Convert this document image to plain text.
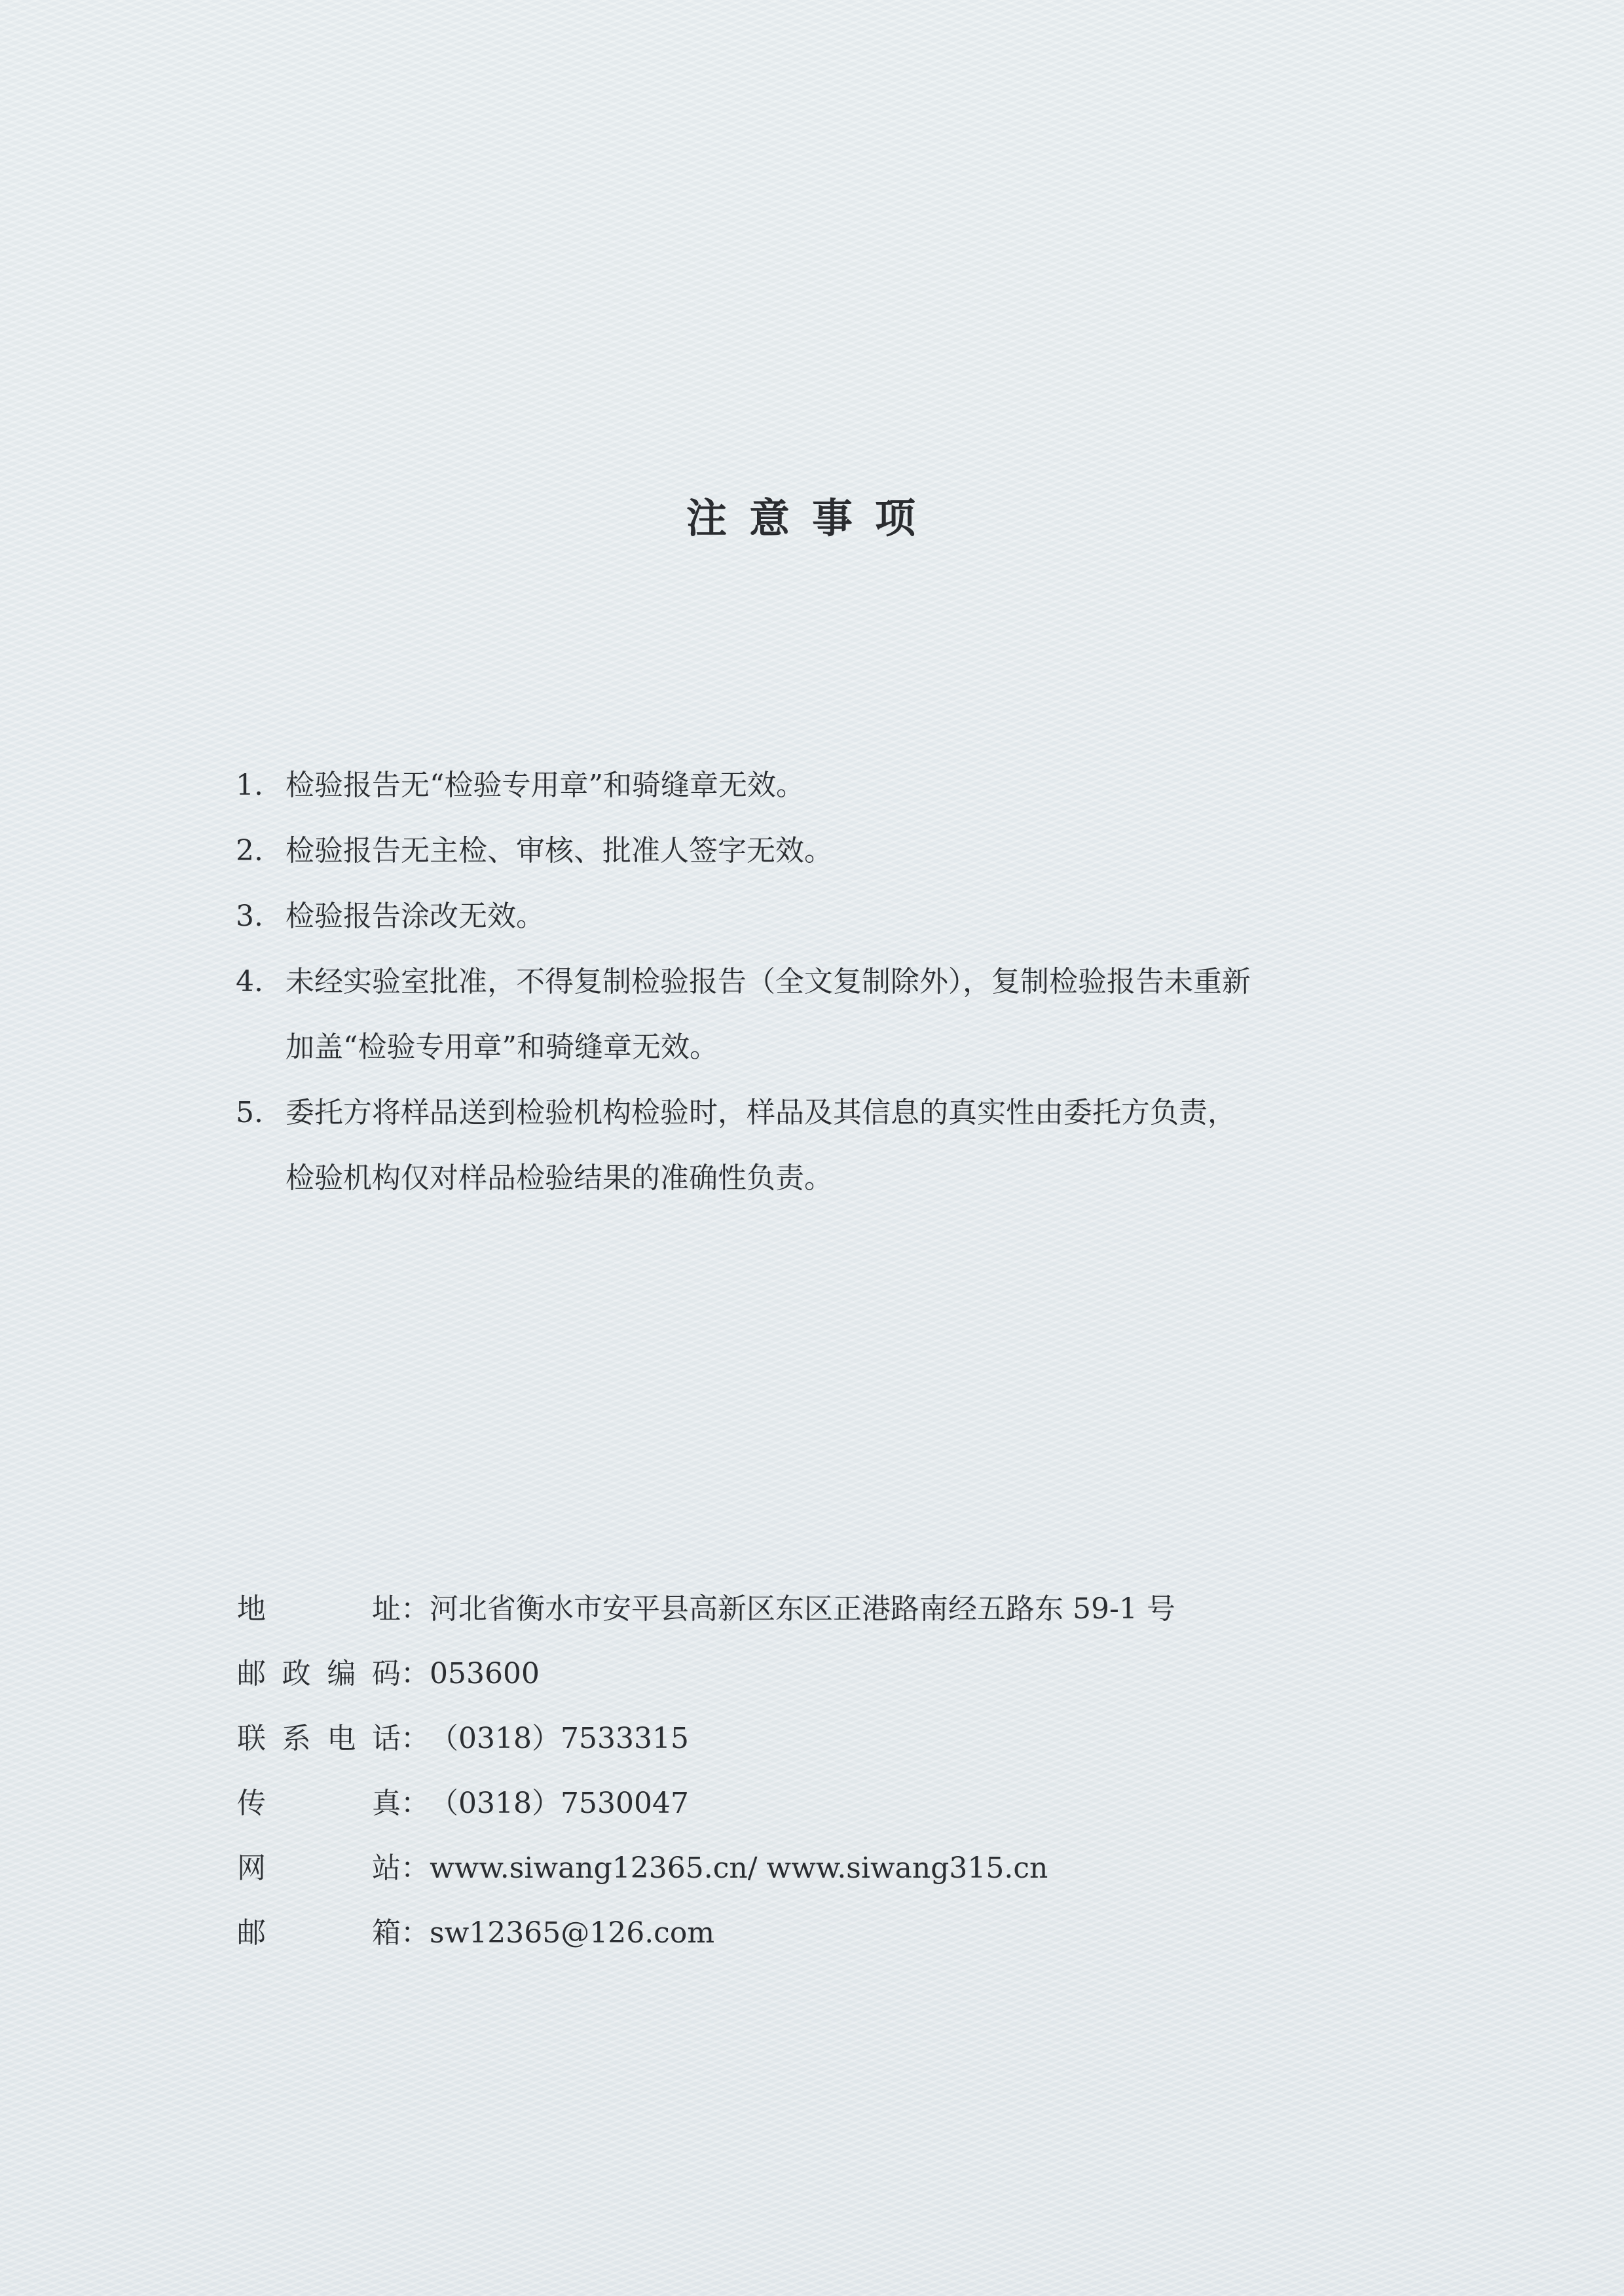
注意事项
1. 检验报告无“检验专用章”和骑缝章无效。
2. 检验报告无主检、审核、批准人签字无效。
3. 检验报告涂改无效。
4. 未经实验室批准，不得复制检验报告（全文复制除外），复制检验报告未重新
加盖“检验专用章”和骑缝章无效。
5. 委托方将样品送到检验机构检验时，样品及其信息的真实性由委托方负责，
检验机构仅对样品检验结果的准确性负责。
地	址 ： 河北省衡水市安平县高新区东区正港路南经五路东 59-1 号
邮 政 编 码 ： 053600
联 系 电 话 ： （0318）7533315
传	真 ： （0318）7530047
网	站 ： www.siwang12365.cn/ www.siwang315.cn
邮	箱 ： sw12365@126.com
